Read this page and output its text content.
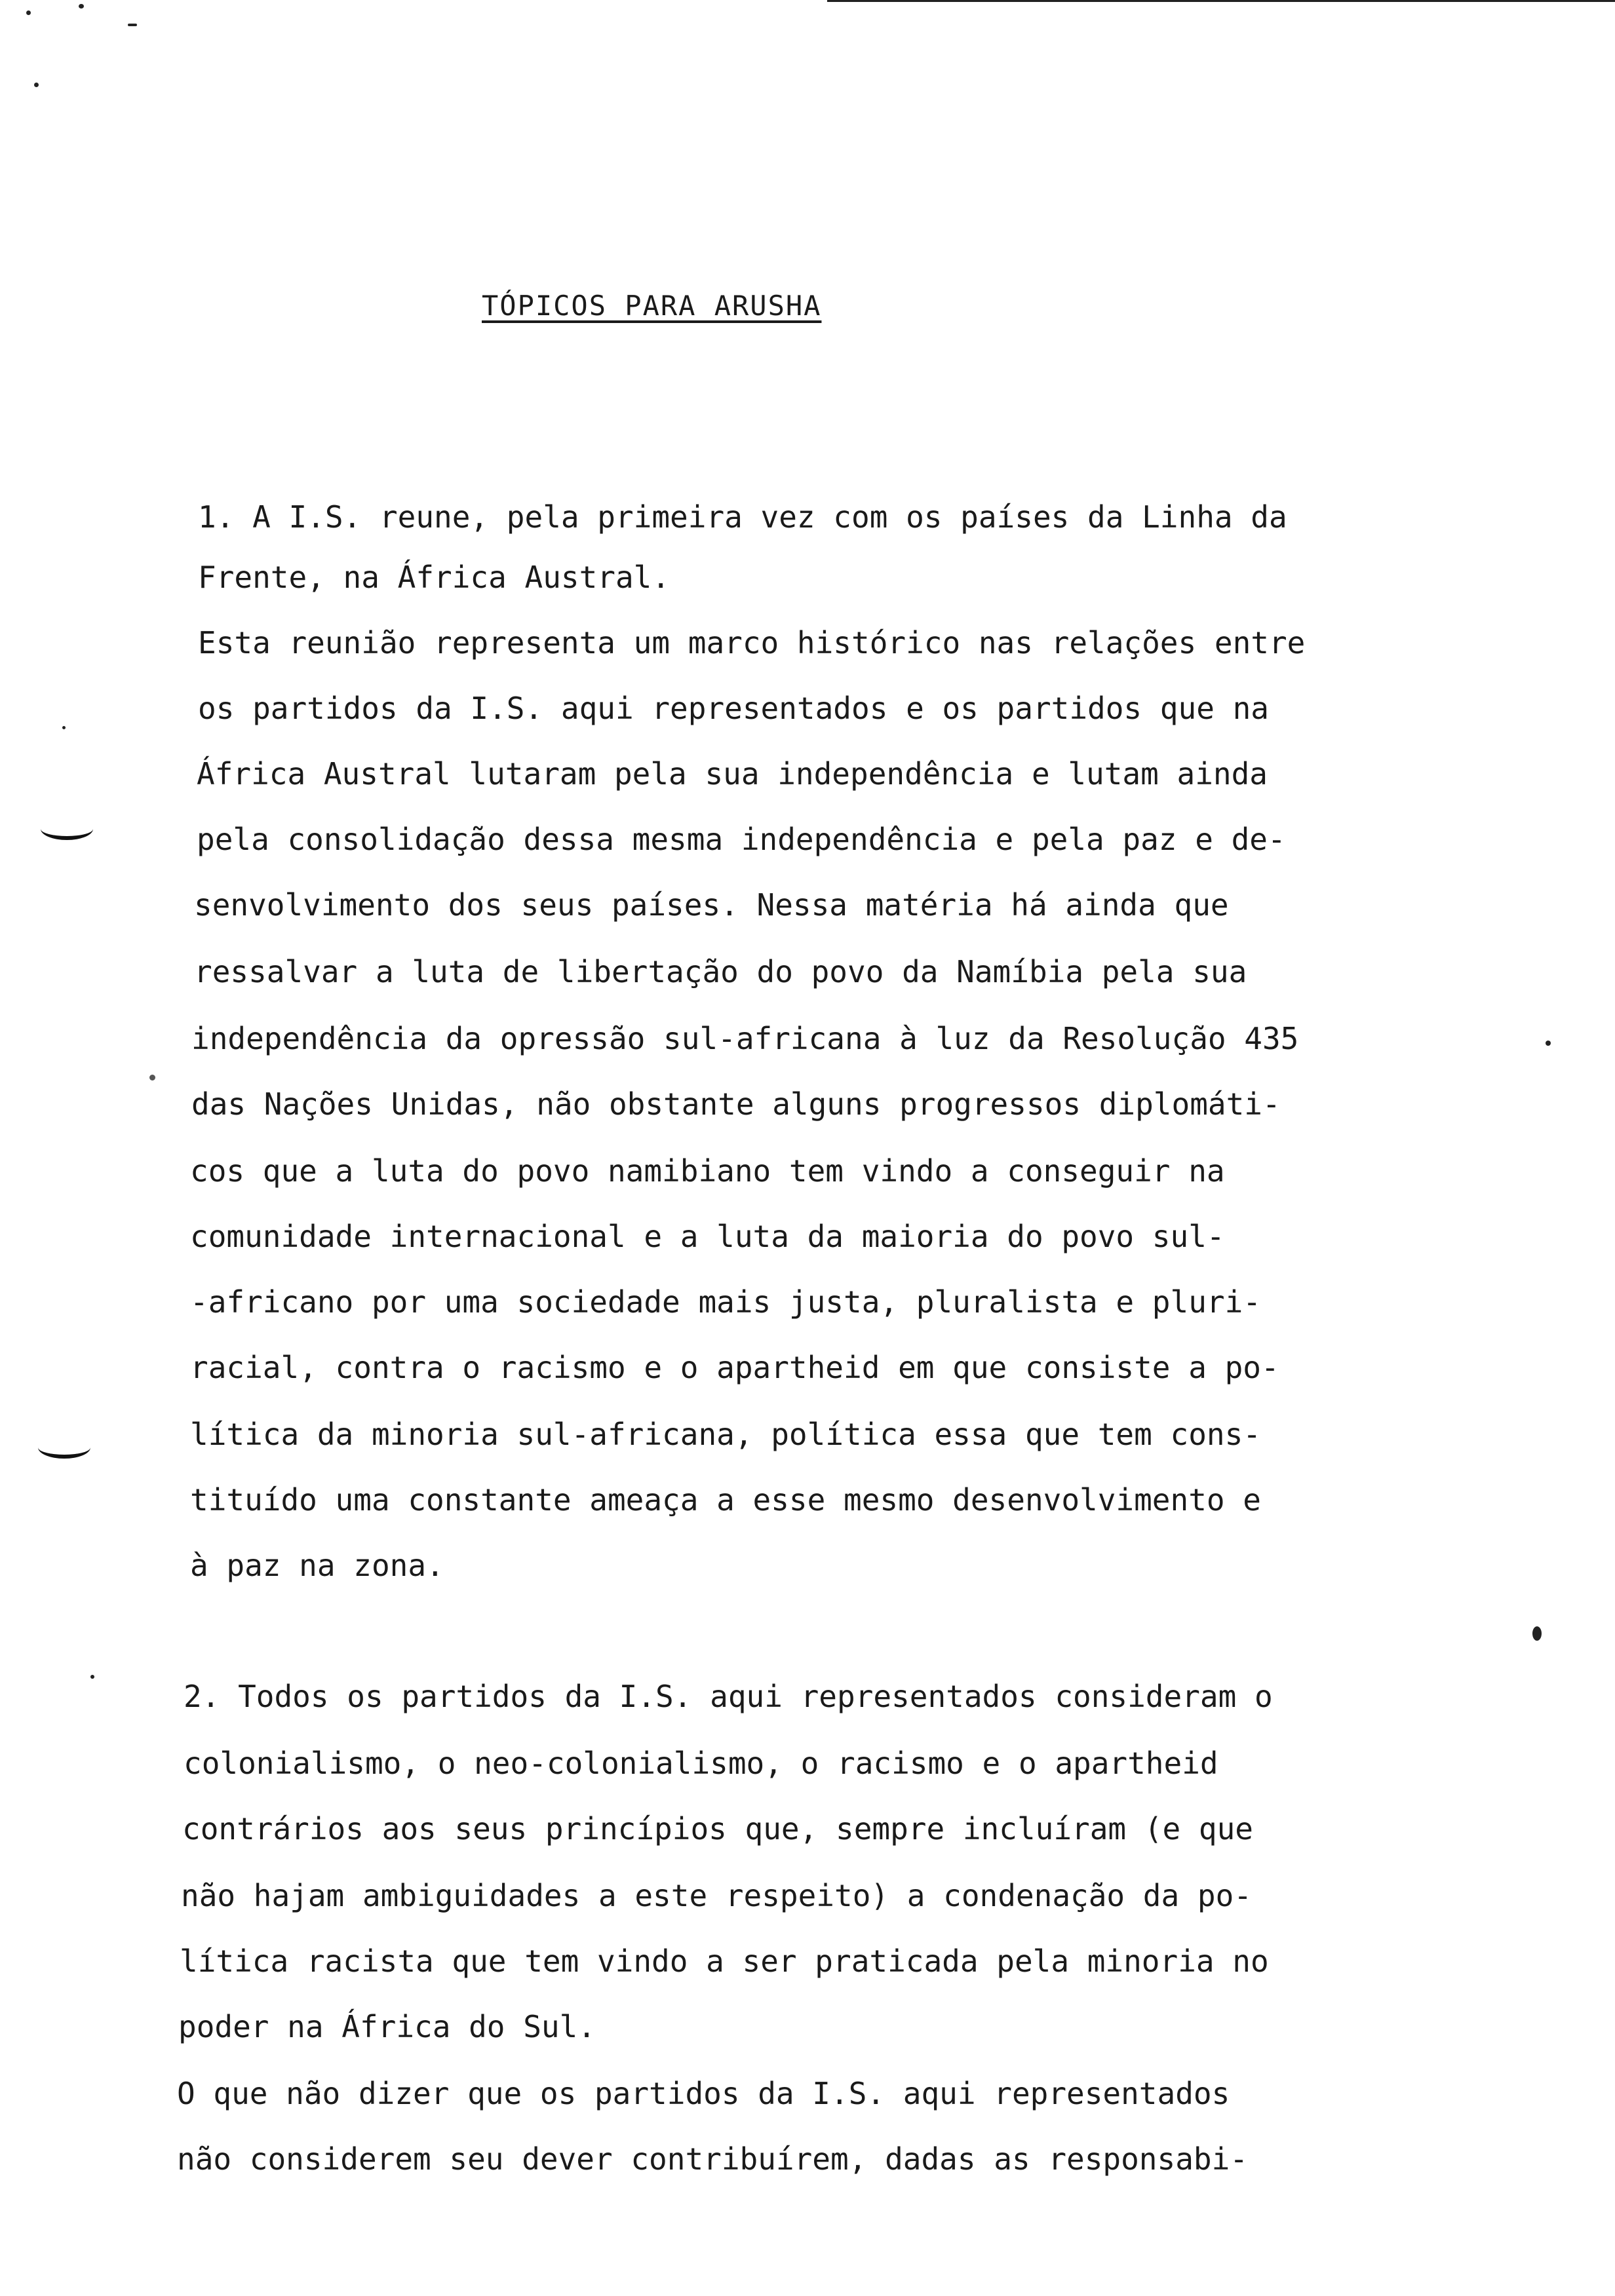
TÓPICOS PARA ARUSHA
1. A I.S. reune, pela primeira vez com os países da Linha da
Frente, na África Austral.
Esta reunião representa um marco histórico nas relações entre
os partidos da I.S. aqui representados e os partidos que na
África Austral lutaram pela sua independência e lutam ainda
pela consolidação dessa mesma independência e pela paz e de-
senvolvimento dos seus países. Nessa matéria há ainda que
ressalvar a luta de libertação do povo da Namíbia pela sua
independência da opressão sul-africana à luz da Resolução 435
das Nações Unidas, não obstante alguns progressos diplomáti-
cos que a luta do povo namibiano tem vindo a conseguir na
comunidade internacional e a luta da maioria do povo sul-
-africano por uma sociedade mais justa, pluralista e pluri-
racial, contra o racismo e o apartheid em que consiste a po-
lítica da minoria sul-africana, política essa que tem cons-
tituído uma constante ameaça a esse mesmo desenvolvimento e
à paz na zona.
2. Todos os partidos da I.S. aqui representados consideram o
colonialismo, o neo-colonialismo, o racismo e o apartheid
contrários aos seus princípios que, sempre incluíram (e que
não hajam ambiguidades a este respeito) a condenação da po-
lítica racista que tem vindo a ser praticada pela minoria no
poder na África do Sul.
O que não dizer que os partidos da I.S. aqui representados
não considerem seu dever contribuírem, dadas as responsabi-
